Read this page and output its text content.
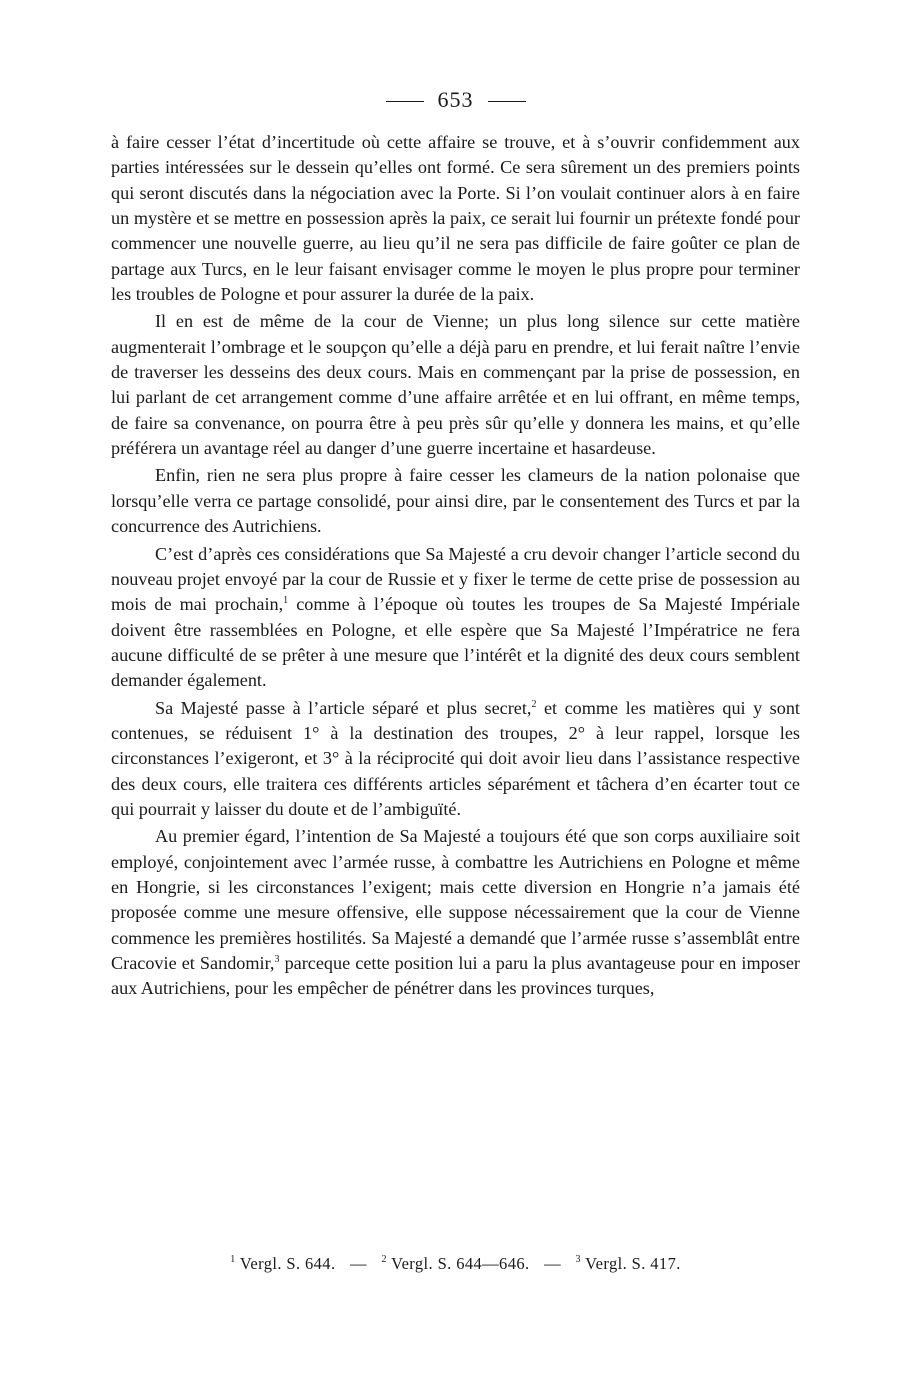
653

à faire cesser l’état d’incertitude où cette affaire se trouve, et à s’ouvrir confidemment aux parties intéressées sur le dessein qu’elles ont formé. Ce sera sûrement un des premiers points qui seront discutés dans la négociation avec la Porte. Si l’on voulait continuer alors à en faire un mystère et se mettre en possession après la paix, ce serait lui fournir un prétexte fondé pour commencer une nouvelle guerre, au lieu qu’il ne sera pas difficile de faire goûter ce plan de partage aux Turcs, en le leur faisant envisager comme le moyen le plus propre pour terminer les troubles de Pologne et pour assurer la durée de la paix.

Il en est de même de la cour de Vienne; un plus long silence sur cette matière augmenterait l’ombrage et le soupçon qu’elle a déjà paru en prendre, et lui ferait naître l’envie de traverser les desseins des deux cours. Mais en commençant par la prise de possession, en lui parlant de cet arrangement comme d’une affaire arrêtée et en lui offrant, en même temps, de faire sa convenance, on pourra être à peu près sûr qu’elle y donnera les mains, et qu’elle préférera un avantage réel au danger d’une guerre incertaine et hasardeuse.

Enfin, rien ne sera plus propre à faire cesser les clameurs de la nation polonaise que lorsqu’elle verra ce partage consolidé, pour ainsi dire, par le consentement des Turcs et par la concurrence des Autrichiens.

C’est d’après ces considérations que Sa Majesté a cru devoir changer l’article second du nouveau projet envoyé par la cour de Russie et y fixer le terme de cette prise de possession au mois de mai prochain,$^1$ comme à l’époque où toutes les troupes de Sa Majesté Impériale doivent être rassemblées en Pologne, et elle espère que Sa Majesté l’Impératrice ne fera aucune difficulté de se prêter à une mesure que l’intérêt et la dignité des deux cours semblent demander également.

Sa Majesté passe à l’article séparé et plus secret,$^2$ et comme les matières qui y sont contenues, se réduisent 1° à la destination des troupes, 2° à leur rappel, lorsque les circonstances l’exigeront, et 3° à la réciprocité qui doit avoir lieu dans l’assistance respective des deux cours, elle traitera ces différents articles séparément et tâchera d’en écarter tout ce qui pourrait y laisser du doute et de l’ambiguïté.

Au premier égard, l’intention de Sa Majesté a toujours été que son corps auxiliaire soit employé, conjointement avec l’armée russe, à combattre les Autrichiens en Pologne et même en Hongrie, si les circonstances l’exigent; mais cette diversion en Hongrie n’a jamais été proposée comme une mesure offensive, elle suppose nécessairement que la cour de Vienne commence les premières hostilités. Sa Majesté a demandé que l’armée russe s’assemblât entre Cracovie et Sandomir,$^3$ parceque cette position lui a paru la plus avantageuse pour en imposer aux Autrichiens, pour les empêcher de pénétrer dans les provinces turques,

$^1$ Vergl. S. 644. — $^2$ Vergl. S. 644—646. — $^3$ Vergl. S. 417.
